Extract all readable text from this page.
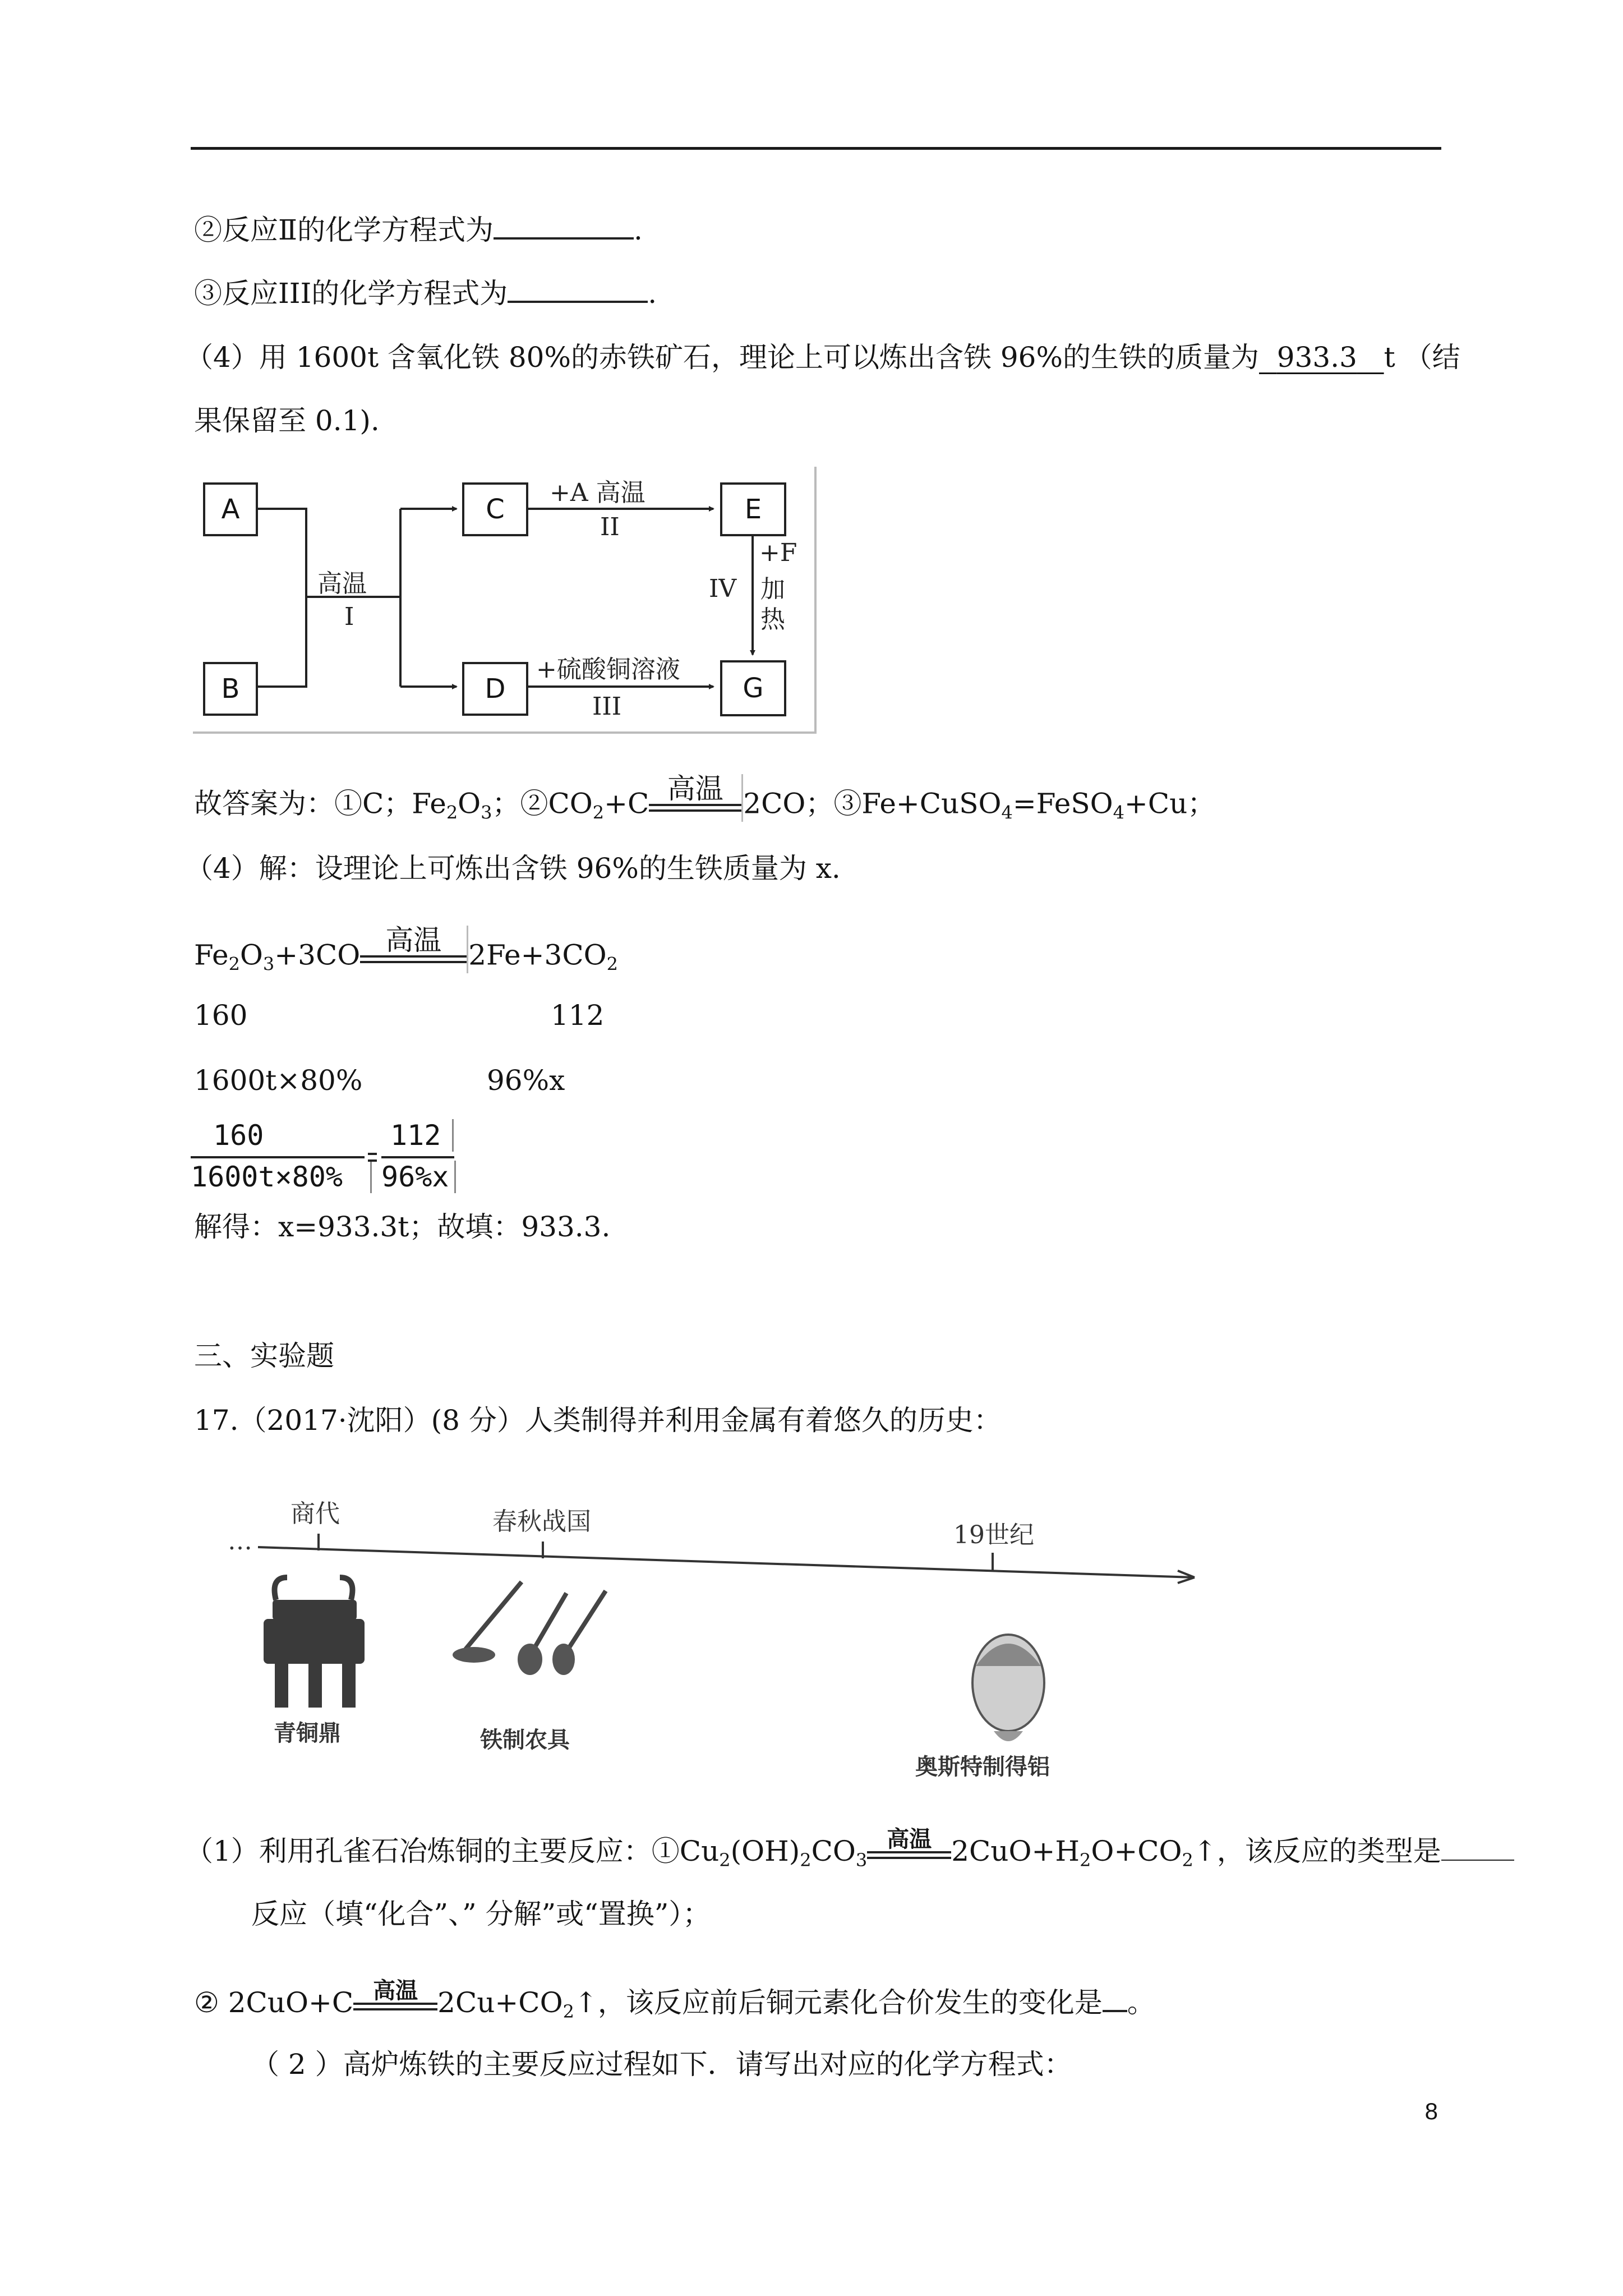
②反应Ⅱ的化学方程式为	.
③反应III的化学方程式为	.
（4）用 1600t 含氧化铁 80%的赤铁矿石，理论上可以炼出含铁 96%的生铁的质量为 933.3 t （结
果保留至 0.1).
A
B
C
D
E
G
高温
I
+A 高温
II
+硫酸铜溶液
III
IV
+F
加
热
故答案为：①C；$Fe_2O_3$；$②CO_2+C$ 高温 2CO；③Fe+CuSO$_4$=FeSO$_4$+Cu；
（4）解：设理论上可炼出含铁 96%的生铁质量为 x.
$Fe_2O_3+3CO$ 高温 $2Fe+3CO_2$
160	112
1600t×80%	96%x
160
1600t×80%
112
96%x
解得：x=933.3t；故填：933.3.
三、实验题
17.（2017·沈阳）(8 分）人类制得并利用金属有着悠久的历史：
…
商代	春秋战国	19世纪
青铜鼎	铁制农具
奥斯特制得铝
（1）利用孔雀石冶炼铜的主要反应：$①Cu_2(OH)_2CO_3$
高温 $2CuO+H_2O+CO_2↑$，该反应的类型是
反应（填“化合”、” 分解”或“置换”）；
② 2CuO+C 高温 $2Cu+CO_2↑$，该反应前后铜元素化合价发生的变化是 。
（ 2 ）高炉炼铁的主要反应过程如下．请写出对应的化学方程式：
8
